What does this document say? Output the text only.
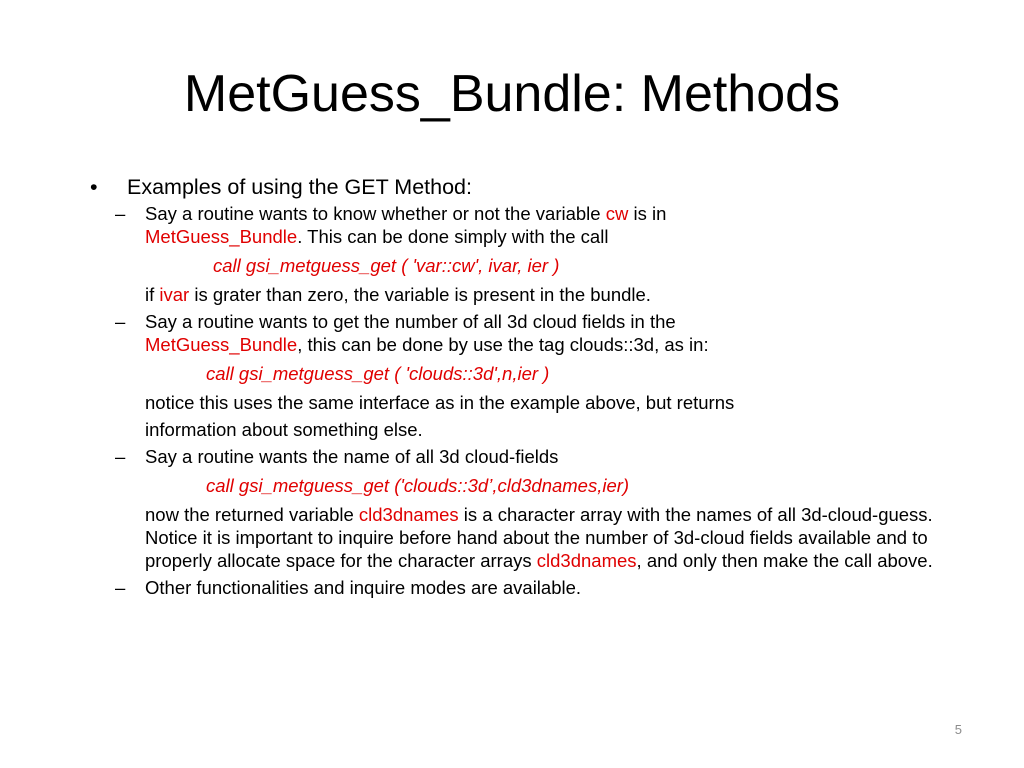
MetGuess_Bundle: Methods
• Examples of using the GET Method:
– Say a routine wants to know whether or not the variable cw is in
MetGuess_Bundle. This can be done simply with the call
call gsi_metguess_get ( 'var::cw', ivar, ier )
if ivar is grater than zero, the variable is present in the bundle.
– Say a routine wants to get the number of all 3d cloud fields in the
MetGuess_Bundle, this can be done by use the tag clouds::3d, as in:
call gsi_metguess_get ( 'clouds::3d',n,ier )
notice this uses the same interface as in the example above, but returns
information about something else.
– Say a routine wants the name of all 3d cloud-fields
call gsi_metguess_get ('clouds::3d’,cld3dnames,ier)
now the returned variable cld3dnames is a character array with the names of all 3d-cloud-guess. Notice it is important to inquire before hand about the number of 3d-cloud fields available and to properly allocate space for the character arrays cld3dnames, and only then make the call above.
– Other functionalities and inquire modes are available.
5
